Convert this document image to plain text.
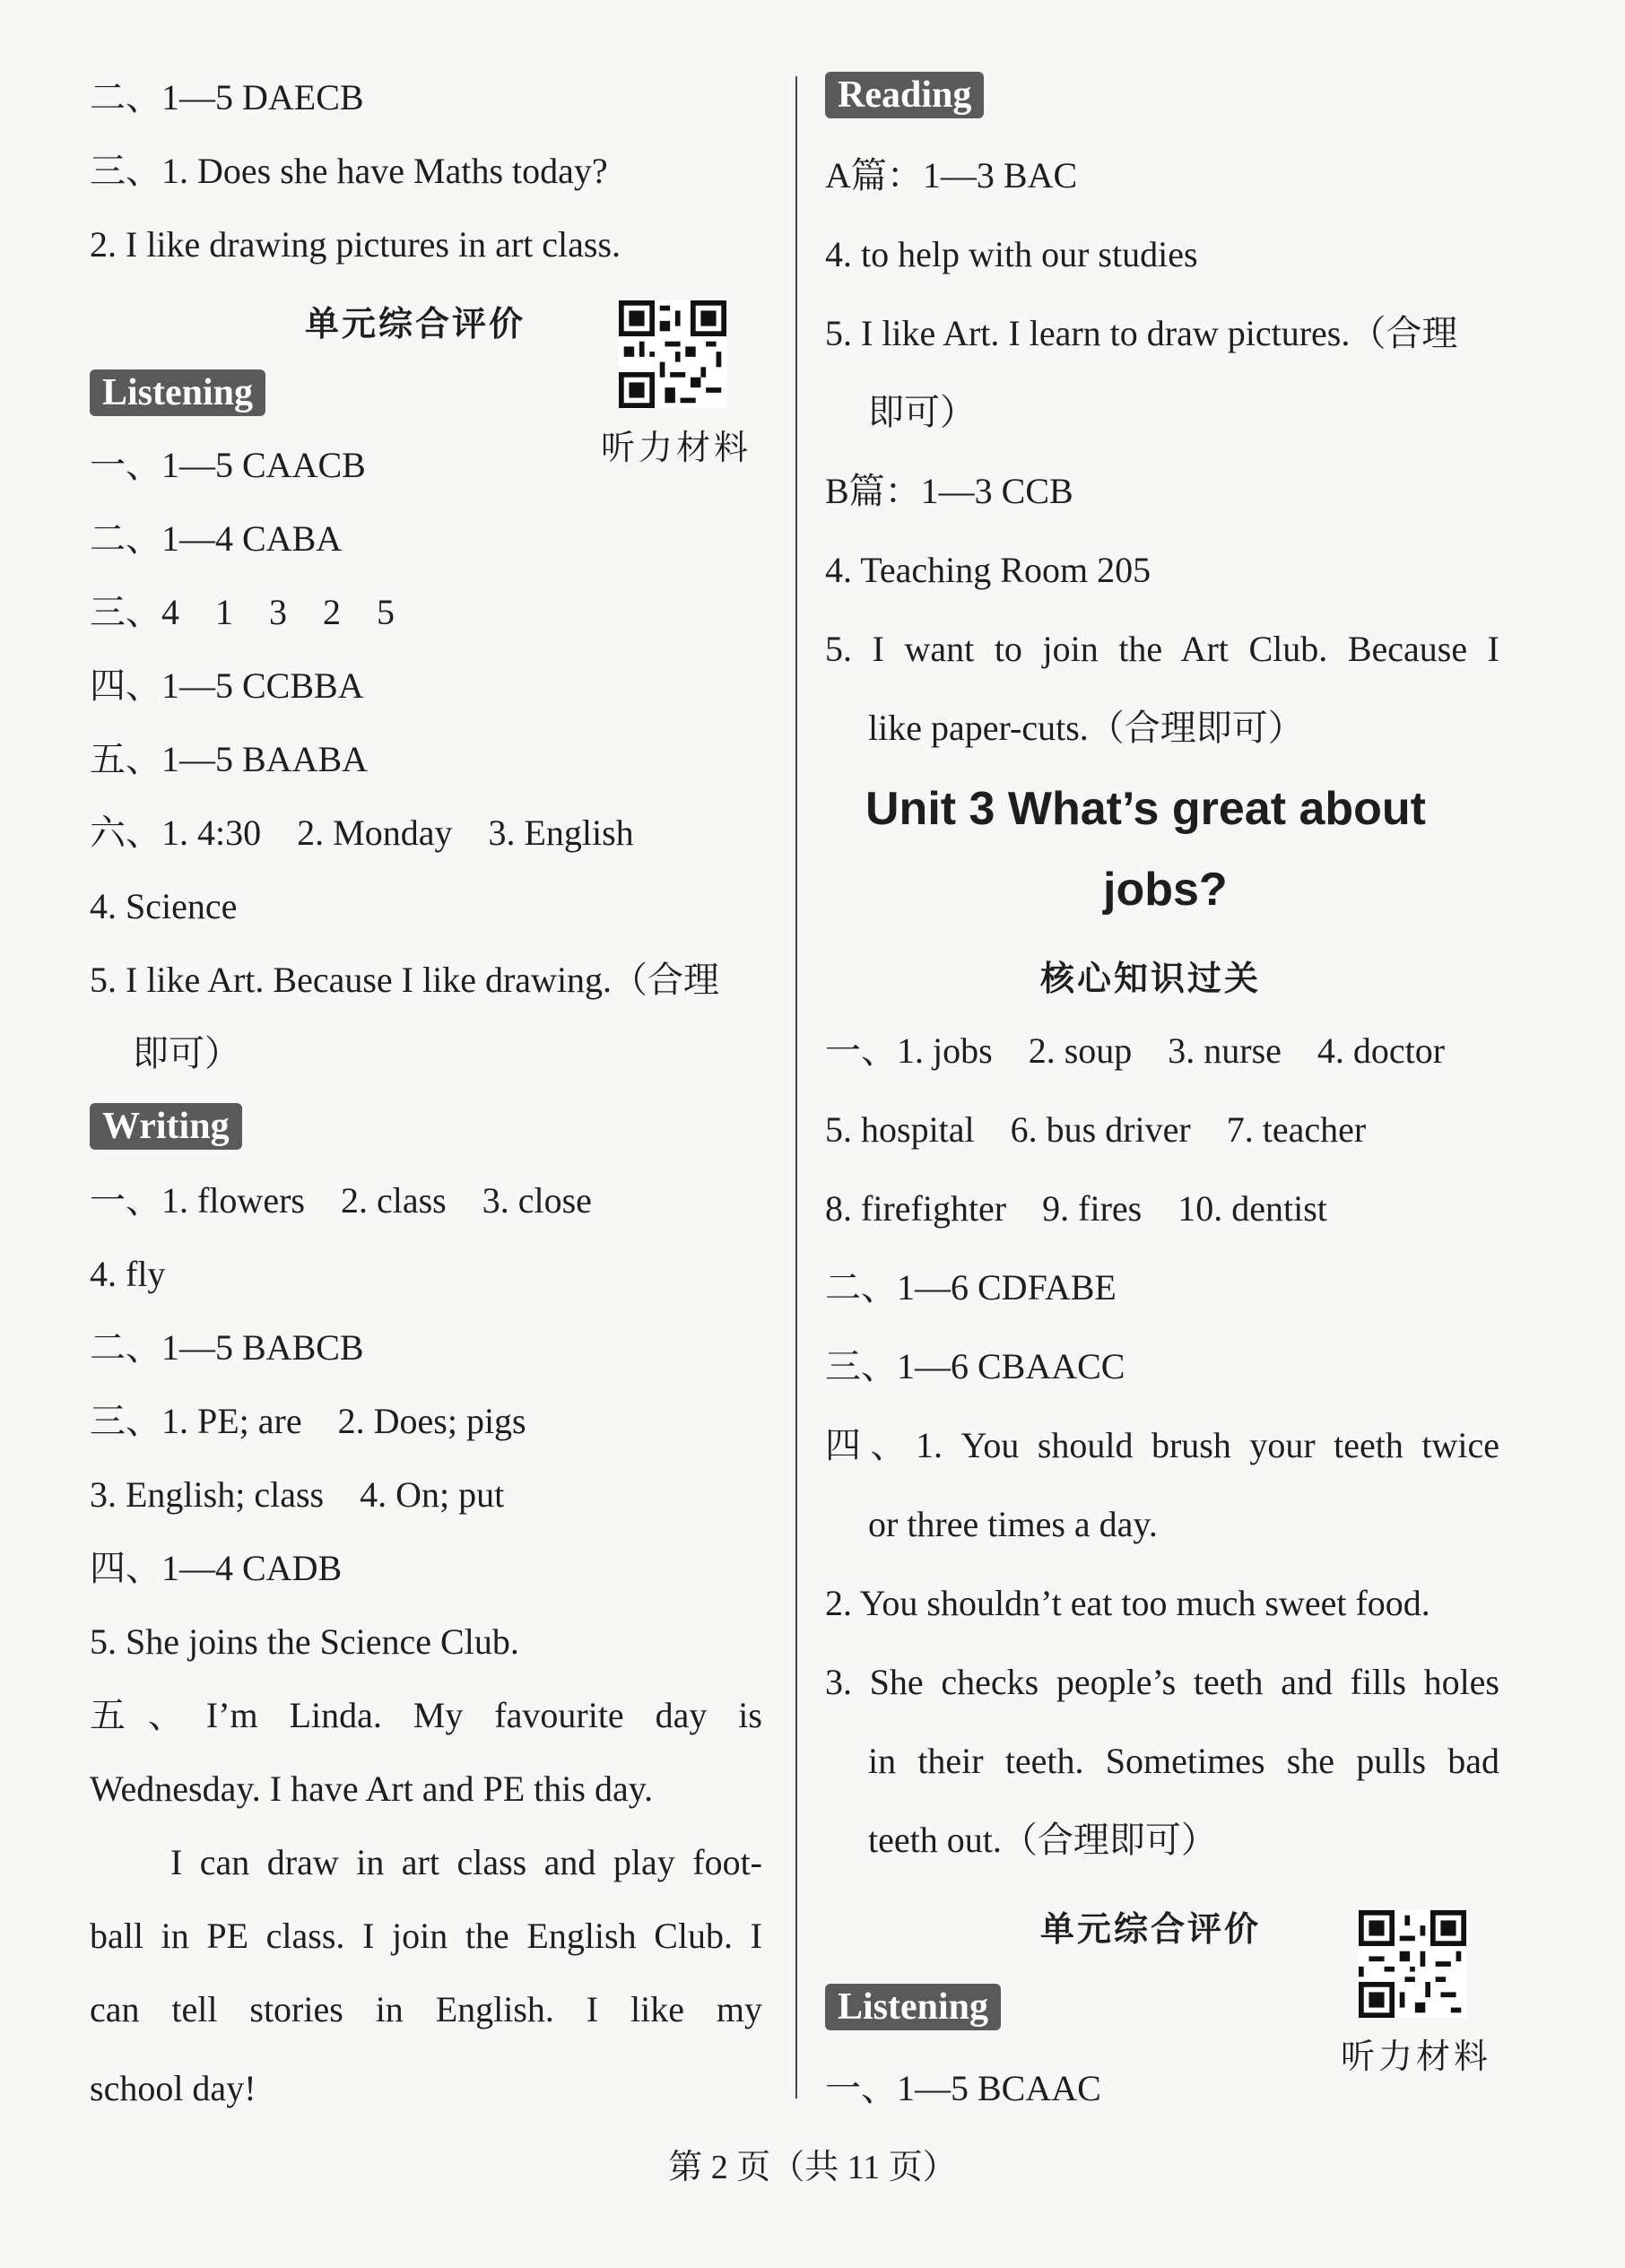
二、1—5 DAECB
三、1. Does she have Maths today?
2. I like drawing pictures in art class.
单元综合评价
听力材料
Listening
一、1—5 CAACB
二、1—4 CABA
三、4 1 3 2 5
四、1—5 CCBBA
五、1—5 BAABA
六、1. 4:30 2. Monday 3. English
4. Science
5. I like Art. Because I like drawing.（合理
即可）
Writing
一、1. flowers 2. class 3. close
4. fly
二、1—5 BABCB
三、1. PE; are 2. Does; pigs
3. English; class 4. On; put
四、1—4 CADB
5. She joins the Science Club.
五、I’m Linda. My favourite day is
Wednesday. I have Art and PE this day.
I can draw in art class and play foot-
ball in PE class. I join the English Club. I
can tell stories in English. I like my
school day!
Reading
A篇：1—3 BAC
4. to help with our studies
5. I like Art. I learn to draw pictures.（合理
即可）
B篇：1—3 CCB
4. Teaching Room 205
5. I want to join the Art Club. Because I
like paper-cuts.（合理即可）
Unit 3 What’s great about
jobs?
核心知识过关
一、1. jobs 2. soup 3. nurse 4. doctor
5. hospital 6. bus driver 7. teacher
8. firefighter 9. fires 10. dentist
二、1—6 CDFABE
三、1—6 CBAACC
四、1. You should brush your teeth twice
or three times a day.
2. You shouldn’t eat too much sweet food.
3. She checks people’s teeth and fills holes
in their teeth. Sometimes she pulls bad
teeth out.（合理即可）
单元综合评价
听力材料
Listening
一、1—5 BCAAC
第 2 页（共 11 页）
